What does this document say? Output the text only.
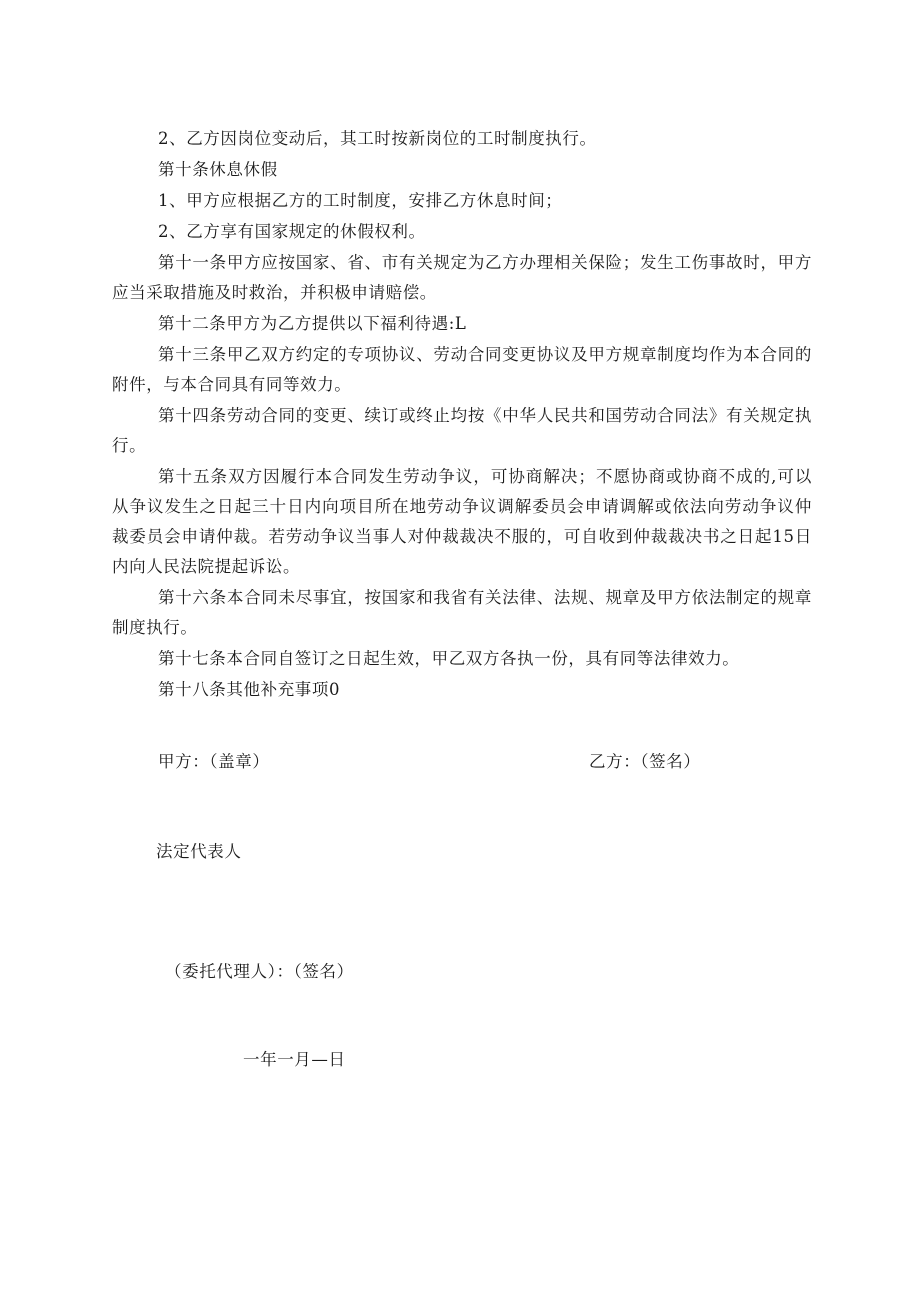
2、乙方因岗位变动后，其工时按新岗位的工时制度执行。

第十条休息休假

1、甲方应根据乙方的工时制度，安排乙方休息时间；

2、乙方享有国家规定的休假权利。

第十一条甲方应按国家、省、市有关规定为乙方办理相关保险；发生工伤事故时，甲方应当采取措施及时救治，并积极申请赔偿。

第十二条甲方为乙方提供以下福利待遇:L

第十三条甲乙双方约定的专项协议、劳动合同变更协议及甲方规章制度均作为本合同的附件，与本合同具有同等效力。

第十四条劳动合同的变更、续订或终止均按《中华人民共和国劳动合同法》有关规定执行。

第十五条双方因履行本合同发生劳动争议，可协商解决；不愿协商或协商不成的,可以从争议发生之日起三十日内向项目所在地劳动争议调解委员会申请调解或依法向劳动争议仲裁委员会申请仲裁。若劳动争议当事人对仲裁裁决不服的，可自收到仲裁裁决书之日起15日内向人民法院提起诉讼。

第十六条本合同未尽事宜，按国家和我省有关法律、法规、规章及甲方依法制定的规章制度执行。

第十七条本合同自签订之日起生效，甲乙双方各执一份，具有同等法律效力。

第十八条其他补充事项0

甲方：（盖章）	乙方：（签名）
法定代表人
（委托代理人）：（签名）
一年一月—日
